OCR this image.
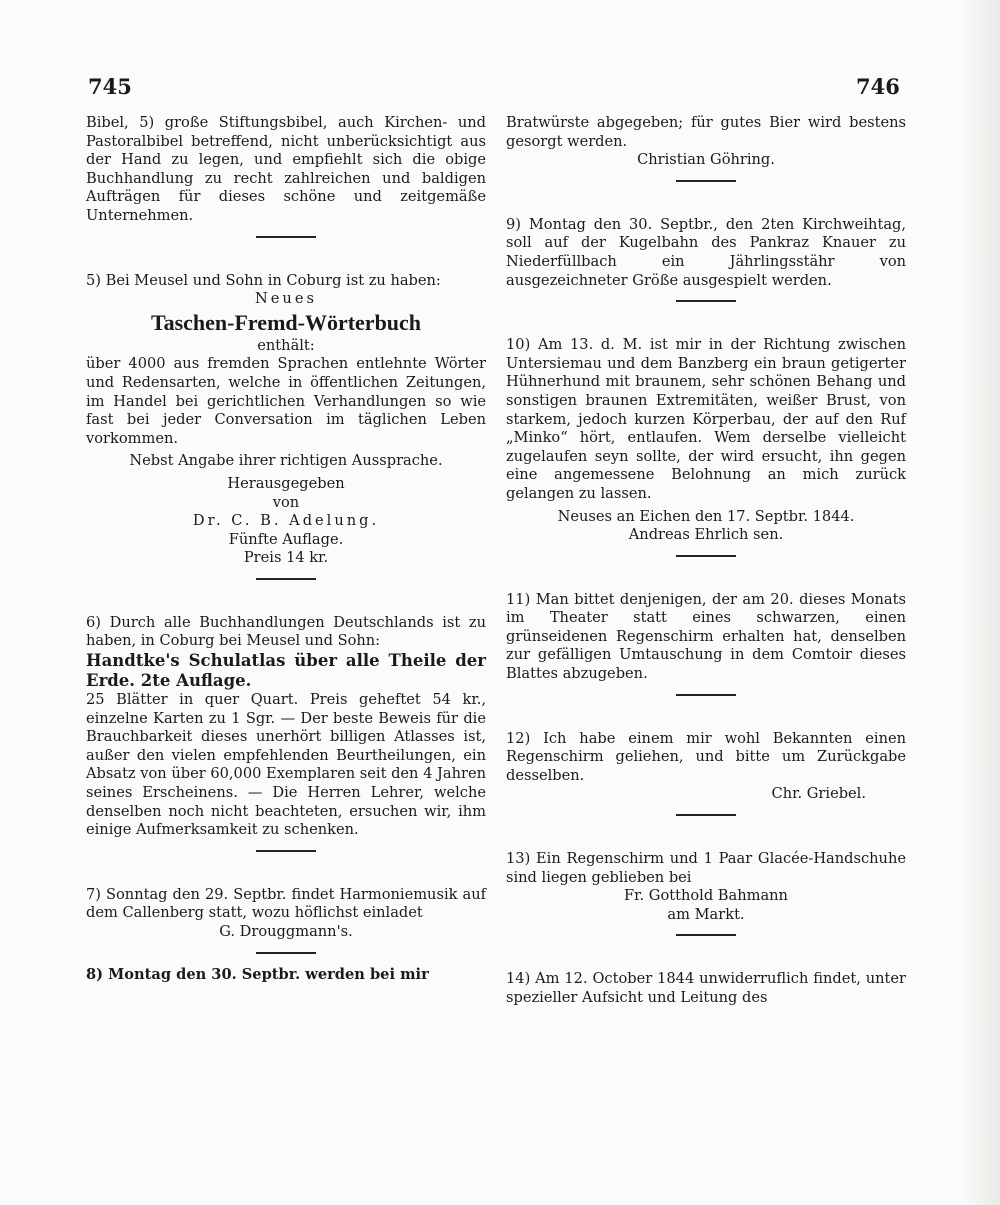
745	746

Bibel, 5) große Stiftungsbibel, auch Kirchen- und Pastoralbibel betreffend, nicht unberücksichtigt aus der Hand zu legen, und empfiehlt sich die obige Buchhandlung zu recht zahlreichen und baldigen Aufträgen für dieses schöne und zeitgemäße Unternehmen.

5) Bei Meusel und Sohn in Coburg ist zu haben:

Neues

Taschen-Fremd-Wörterbuch

enthält:

über 4000 aus fremden Sprachen entlehnte Wörter und Redensarten, welche in öffentlichen Zeitungen, im Handel bei gerichtlichen Verhandlungen so wie fast bei jeder Conversation im täglichen Leben vorkommen.

Nebst Angabe ihrer richtigen Aussprache.

Herausgegeben

von

Dr. C. B. Adelung.

Fünfte Auflage.

Preis 14 kr.

6) Durch alle Buchhandlungen Deutschlands ist zu haben, in Coburg bei Meusel und Sohn:

Handtke's Schulatlas über alle Theile der Erde. 2te Auflage.

25 Blätter in quer Quart. Preis geheftet 54 kr., einzelne Karten zu 1 Sgr. — Der beste Beweis für die Brauchbarkeit dieses unerhört billigen Atlasses ist, außer den vielen empfehlenden Beurtheilungen, ein Absatz von über 60,000 Exemplaren seit den 4 Jahren seines Erscheinens. — Die Herren Lehrer, welche denselben noch nicht beachteten, ersuchen wir, ihm einige Aufmerksamkeit zu schenken.

7) Sonntag den 29. Septbr. findet Harmoniemusik auf dem Callenberg statt, wozu höflichst einladet

G. Drouggmann's.

8) Montag den 30. Septbr. werden bei mir

Bratwürste abgegeben; für gutes Bier wird bestens gesorgt werden.

Christian Göhring.

9) Montag den 30. Septbr., den 2ten Kirchweihtag, soll auf der Kugelbahn des Pankraz Knauer zu Niederfüllbach ein Jährlingsstähr von ausgezeichneter Größe ausgespielt werden.

10) Am 13. d. M. ist mir in der Richtung zwischen Untersiemau und dem Banzberg ein braun getigerter Hühnerhund mit braunem, sehr schönen Behang und sonstigen braunen Extremitäten, weißer Brust, von starkem, jedoch kurzen Körperbau, der auf den Ruf „Minko“ hört, entlaufen. Wem derselbe vielleicht zugelaufen seyn sollte, der wird ersucht, ihn gegen eine angemessene Belohnung an mich zurück gelangen zu lassen.

Neuses an Eichen den 17. Septbr. 1844.

Andreas Ehrlich sen.

11) Man bittet denjenigen, der am 20. dieses Monats im Theater statt eines schwarzen, einen grünseidenen Regenschirm erhalten hat, denselben zur gefälligen Umtauschung in dem Comtoir dieses Blattes abzugeben.

12) Ich habe einem mir wohl Bekannten einen Regenschirm geliehen, und bitte um Zurückgabe desselben.

Chr. Griebel.

13) Ein Regenschirm und 1 Paar Glacée-Handschuhe sind liegen geblieben bei

Fr. Gotthold Bahmann

am Markt.

14) Am 12. October 1844 unwiderruflich findet, unter spezieller Aufsicht und Leitung des
